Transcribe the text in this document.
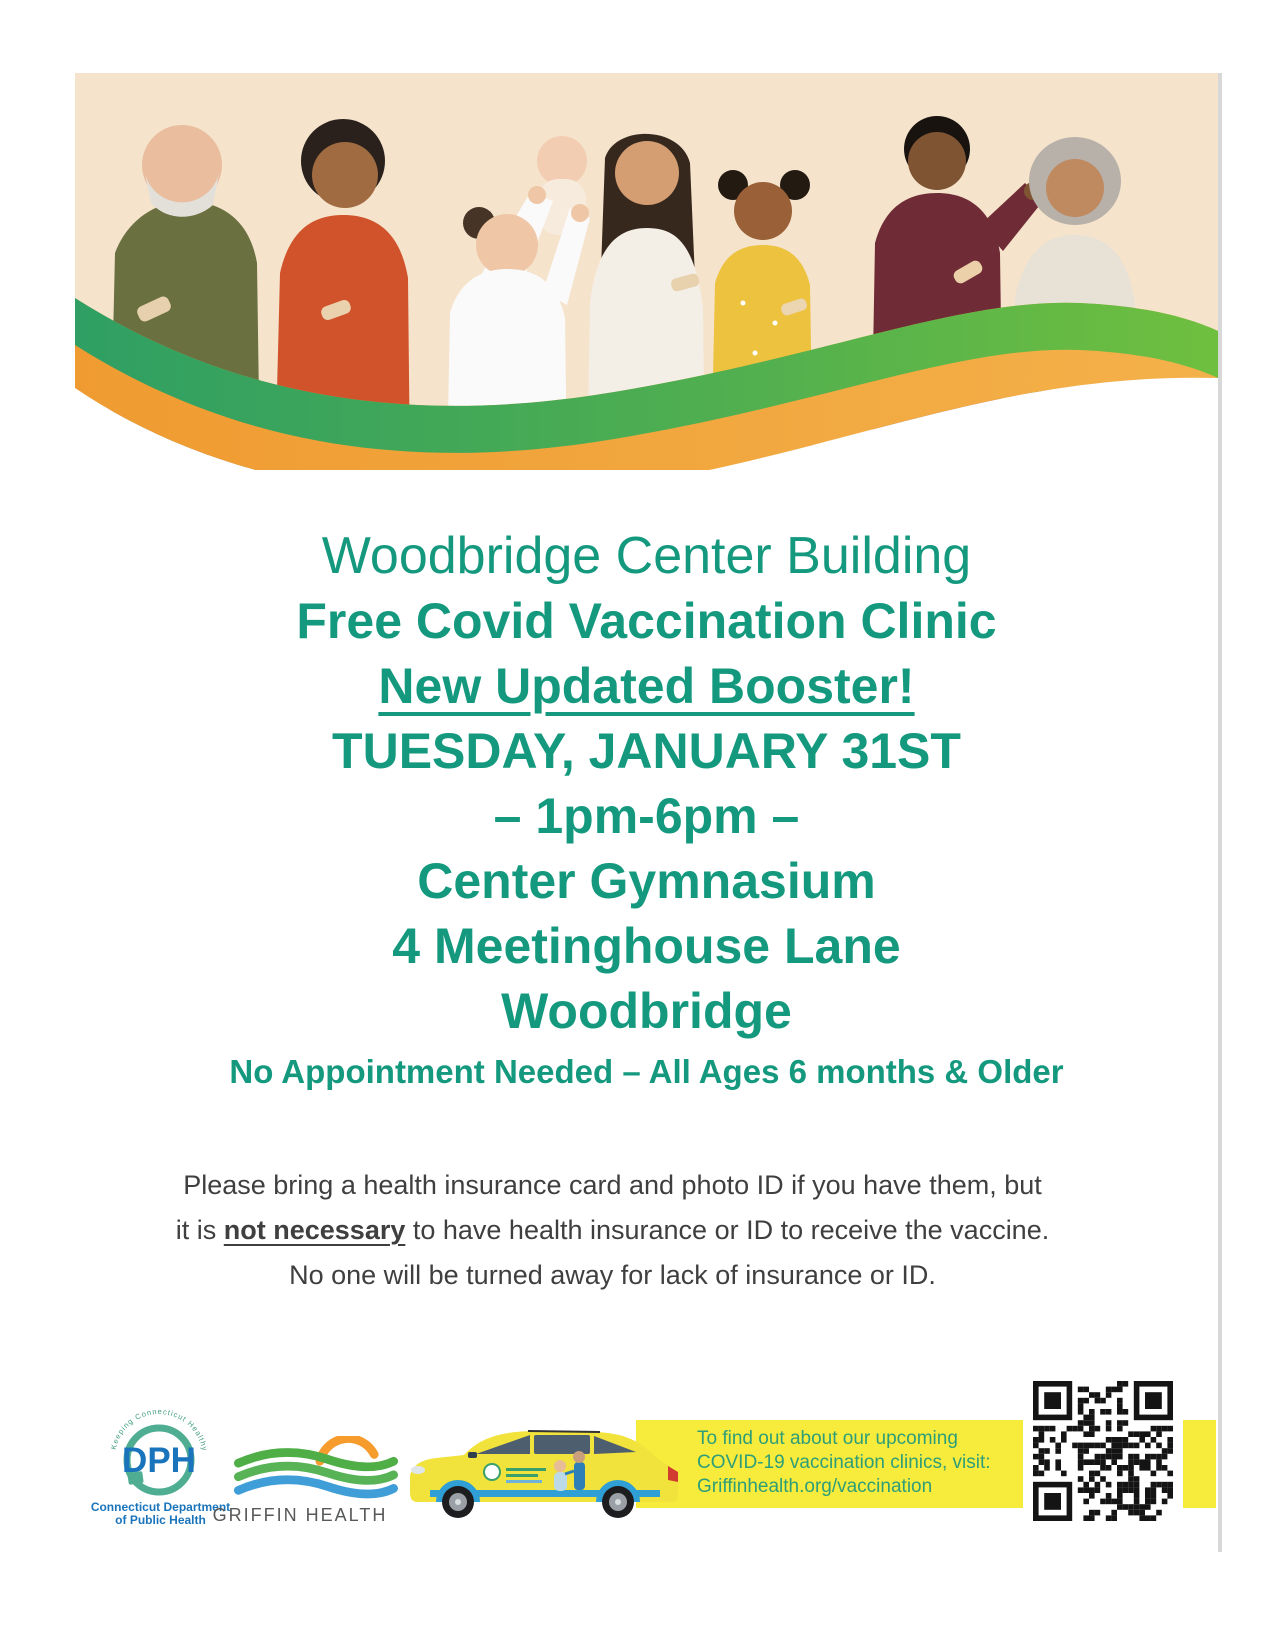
Woodbridge Center Building
Free Covid Vaccination Clinic
New Updated Booster!
TUESDAY, JANUARY 31ST
– 1pm-6pm –
Center Gymnasium
4 Meetinghouse Lane
Woodbridge
No Appointment Needed – All Ages 6 months & Older
Please bring a health insurance card and photo ID if you have them, but
it is not necessary to have health insurance or ID to receive the vaccine.
No one will be turned away for lack of insurance or ID.
To find out about our upcoming
COVID-19 vaccination clinics, visit:
Griffinhealth.org/vaccination
Keeping Connecticut Healthy
DPH
Connecticut Department
of Public Health GRIFFIN HEALTH
